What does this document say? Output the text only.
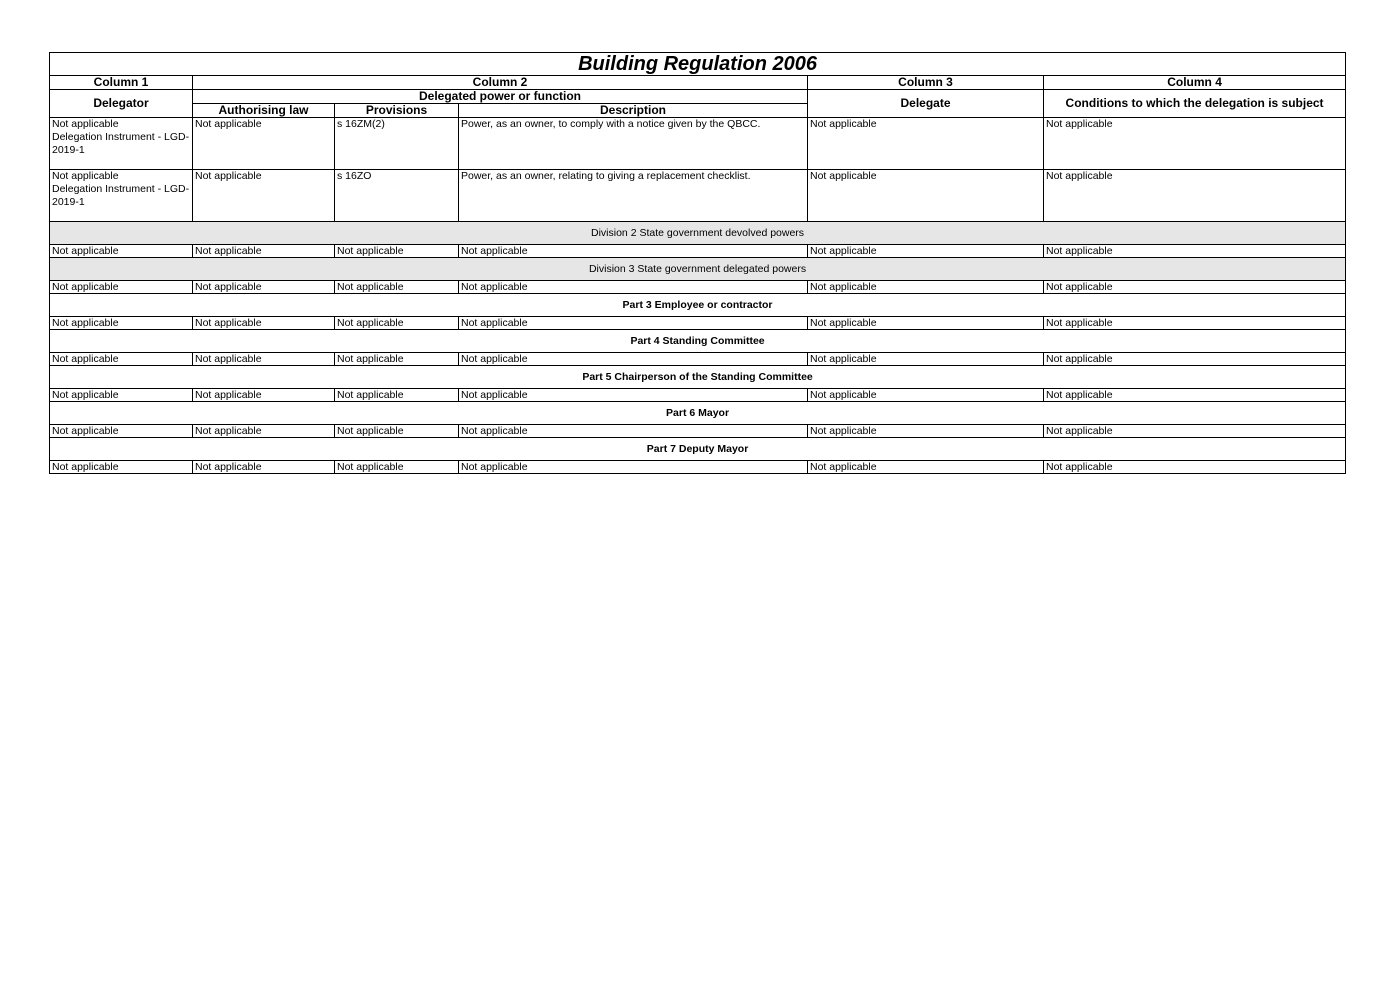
Building Regulation 2006					
Column 1	Column 2			Column 3	Column 4
Delegator	Delegated power or function			Delegate	Conditions to which the delegation is subject
	Authorising law	Provisions	Description		

Not applicable
Delegation Instrument - LGD-2019-1	Not applicable	s 16ZM(2)	Power, as an owner, to comply with a notice given by the QBCC.	Not applicable	Not applicable

Not applicable
Delegation Instrument - LGD-2019-1	Not applicable	s 16ZO	Power, as an owner, relating to giving a replacement checklist.	Not applicable	Not applicable
Division 2 State government devolved powers					
Not applicable	Not applicable	Not applicable	Not applicable	Not applicable	Not applicable
Division 3 State government delegated powers					
Not applicable	Not applicable	Not applicable	Not applicable	Not applicable	Not applicable
Part 3 Employee or contractor					
Not applicable	Not applicable	Not applicable	Not applicable	Not applicable	Not applicable
Part 4 Standing Committee					
Not applicable	Not applicable	Not applicable	Not applicable	Not applicable	Not applicable
Part 5 Chairperson of the Standing Committee					
Not applicable	Not applicable	Not applicable	Not applicable	Not applicable	Not applicable
Part 6 Mayor					
Not applicable	Not applicable	Not applicable	Not applicable	Not applicable	Not applicable
Part 7 Deputy Mayor					
Not applicable	Not applicable	Not applicable	Not applicable	Not applicable	Not applicable
